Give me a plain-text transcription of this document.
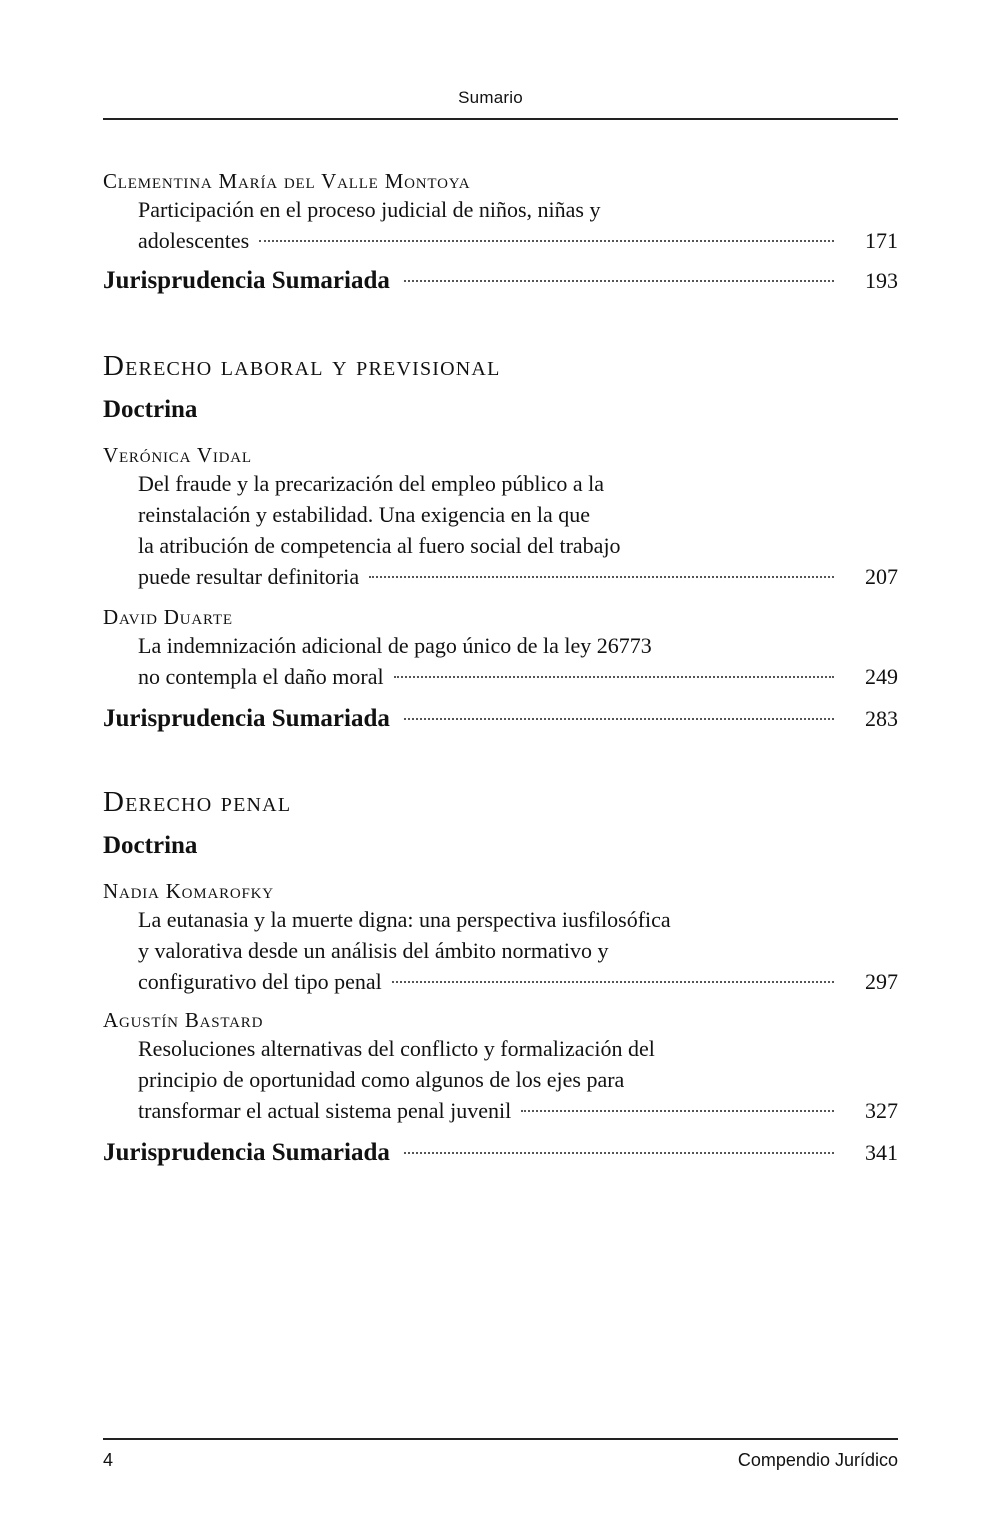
Sumario
Clementina María del Valle Montoya
Participación en el proceso judicial de niños, niñas y
adolescentes	171
Jurisprudencia Sumariada	193
Derecho laboral y previsional
Doctrina
Verónica Vidal
Del fraude y la precarización del empleo público a la
reinstalación y estabilidad. Una exigencia en la que
la atribución de competencia al fuero social del trabajo
puede resultar definitoria	207
David Duarte
La indemnización adicional de pago único de la ley 26773
no contempla el daño moral	249
Jurisprudencia Sumariada	283
Derecho penal
Doctrina
Nadia Komarofky
La eutanasia y la muerte digna: una perspectiva iusfilosófica
y valorativa desde un análisis del ámbito normativo y
configurativo del tipo penal	297
Agustín Bastard
Resoluciones alternativas del conflicto y formalización del
principio de oportunidad como algunos de los ejes para
transformar el actual sistema penal juvenil	327
Jurisprudencia Sumariada	341
4	Compendio Jurídico
